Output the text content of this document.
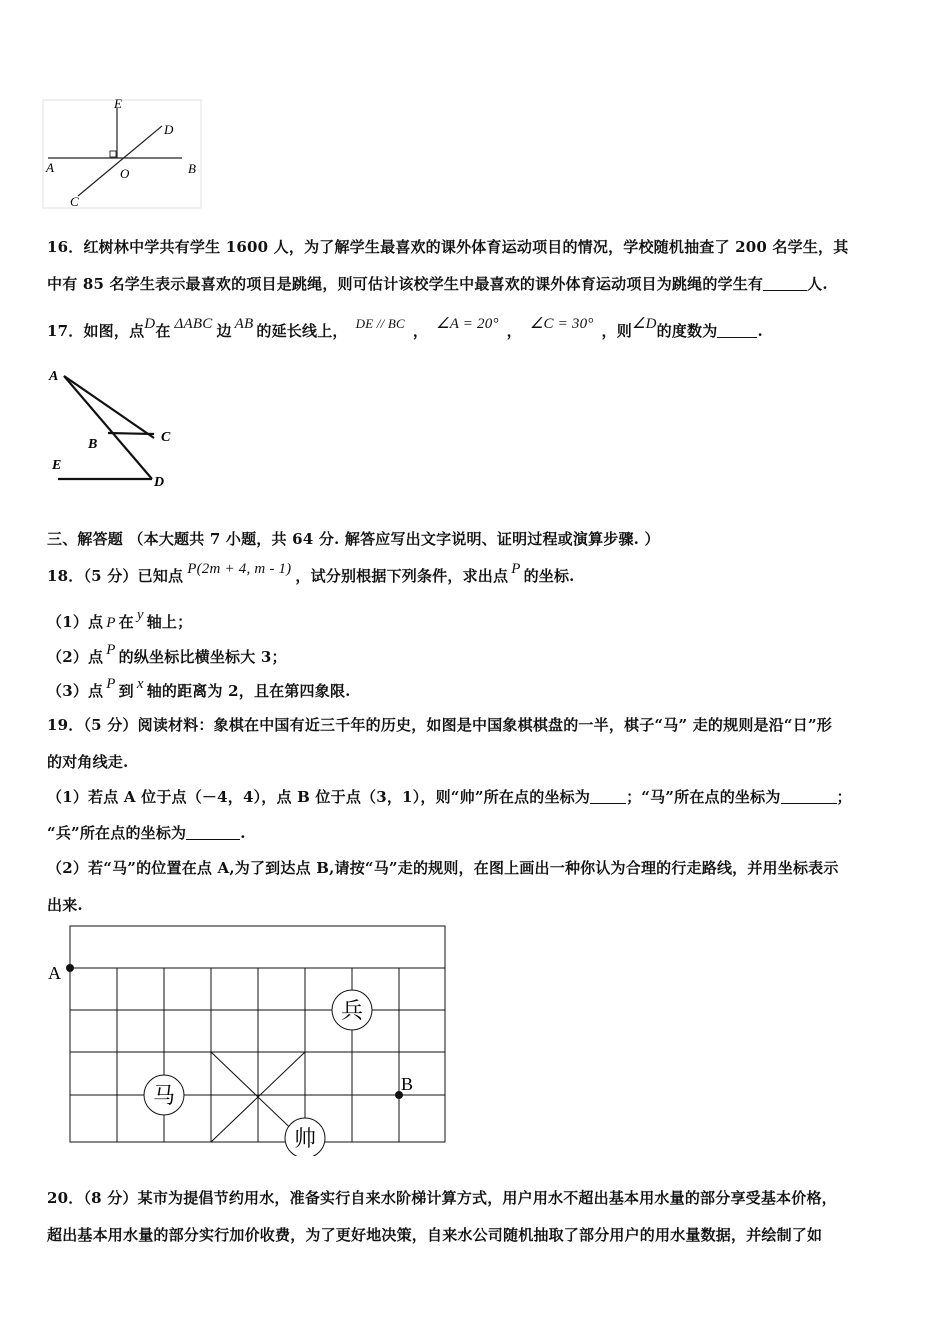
E
D
A	O	B
C
16．红树林中学共有学生 1600 人，为了解学生最喜欢的课外体育运动项目的情况，学校随机抽查了 200 名学生，其
中有 85 名学生表示最喜欢的项目是跳绳，则可估计该校学生中最喜欢的课外体育运动项目为跳绳的学生有	人.
17．如图，点D在 ΔABC 边 AB 的延长线上， DE // BC ， ∠A = 20° ， ∠C = 30° ，则∠D的度数为	.
A
B	C
E
D
三、解答题 （本大题共 7 小题，共 64 分. 解答应写出文字说明、证明过程或演算步骤. ）
18．（5 分）已知点 P(2m + 4, m - 1) ，试分别根据下列条件，求出点 P 的坐标.
（1）点 P 在 y 轴上；
（2）点 P 的纵坐标比横坐标大 3；
（3）点 P 到 x 轴的距离为 2，且在第四象限.
19．（5 分）阅读材料：象棋在中国有近三千年的历史，如图是中国象棋棋盘的一半，棋子“马” 走的规则是沿“日”形
的对角线走.
（1）若点 A 位于点（－4，4），点 B 位于点（3，1），则“帅”所在点的坐标为 ；“马”所在点的坐标为	；
“兵”所在点的坐标为	.
（2）若“马”的位置在点 A,为了到达点 B,请按“马”走的规则，在图上画出一种你认为合理的行走路线，并用坐标表示
出来.
A
B
兵
马
帅
20．（8 分）某市为提倡节约用水，准备实行自来水阶梯计算方式，用户用水不超出基本用水量的部分享受基本价格，
超出基本用水量的部分实行加价收费，为了更好地决策，自来水公司随机抽取了部分用户的用水量数据，并绘制了如
